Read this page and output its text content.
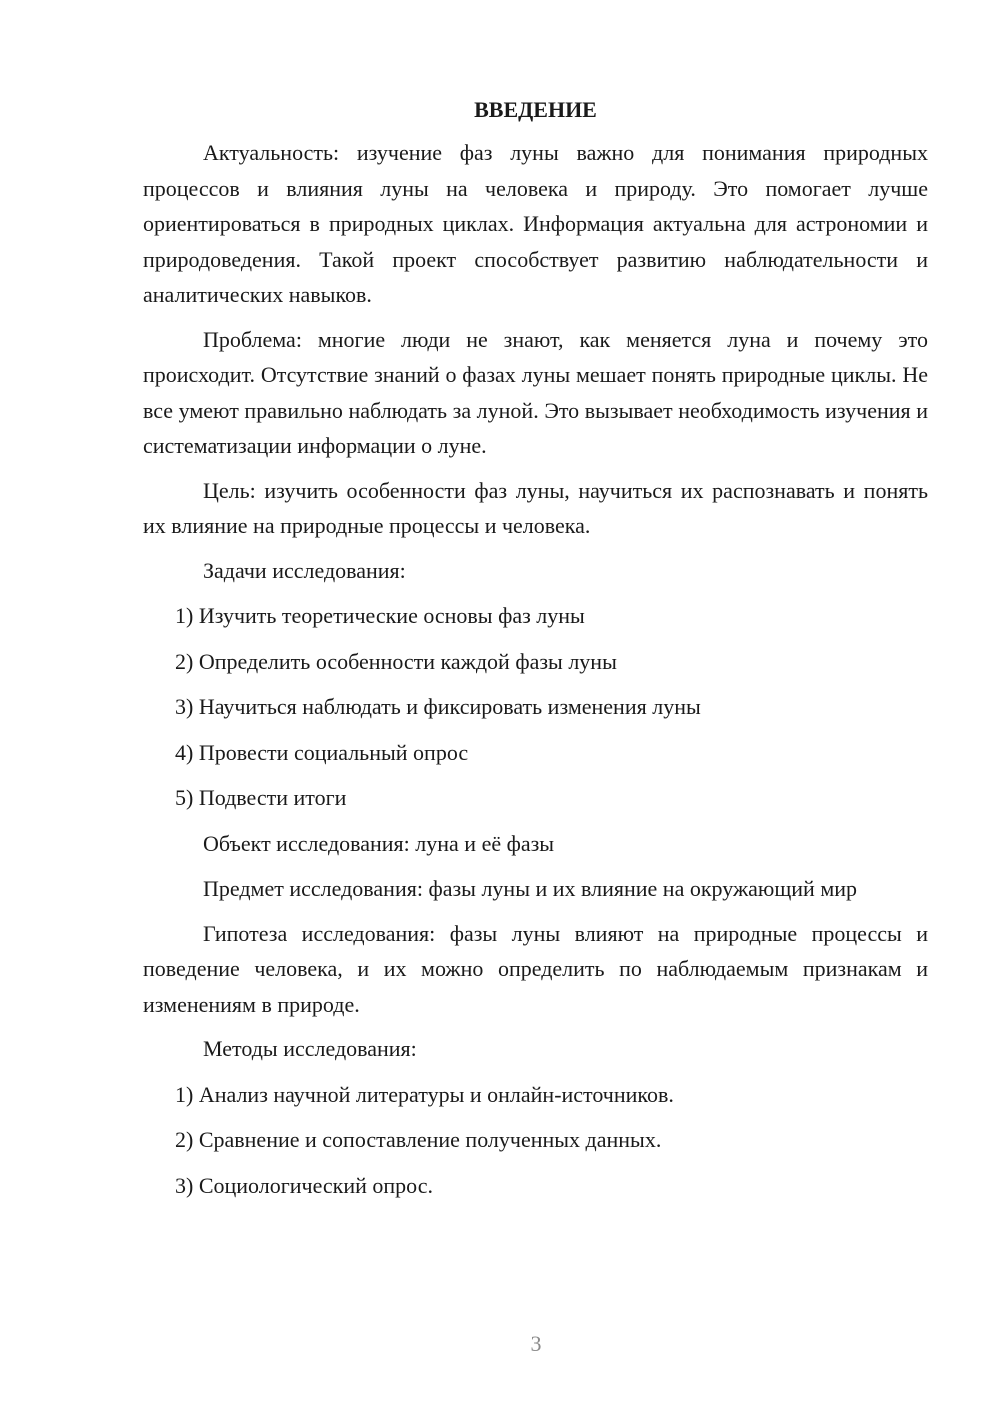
ВВЕДЕНИЕ

Актуальность: изучение фаз луны важно для понимания природных процессов и влияния луны на человека и природу. Это помогает лучше ориентироваться в природных циклах. Информация актуальна для астрономии и природоведения. Такой проект способствует развитию наблюдательности и аналитических навыков.

Проблема: многие люди не знают, как меняется луна и почему это происходит. Отсутствие знаний о фазах луны мешает понять природные циклы. Не все умеют правильно наблюдать за луной. Это вызывает необходимость изучения и систематизации информации о луне.

Цель: изучить особенности фаз луны, научиться их распознавать и понять их влияние на природные процессы и человека.

Задачи исследования:

1) Изучить теоретические основы фаз луны

2) Определить особенности каждой фазы луны

3) Научиться наблюдать и фиксировать изменения луны

4) Провести социальный опрос

5) Подвести итоги

Объект исследования: луна и её фазы

Предмет исследования: фазы луны и их влияние на окружающий мир

Гипотеза исследования: фазы луны влияют на природные процессы и поведение человека, и их можно определить по наблюдаемым признакам и изменениям в природе.

Методы исследования:

1) Анализ научной литературы и онлайн-источников.

2) Сравнение и сопоставление полученных данных.

3) Социологический опрос.

3
